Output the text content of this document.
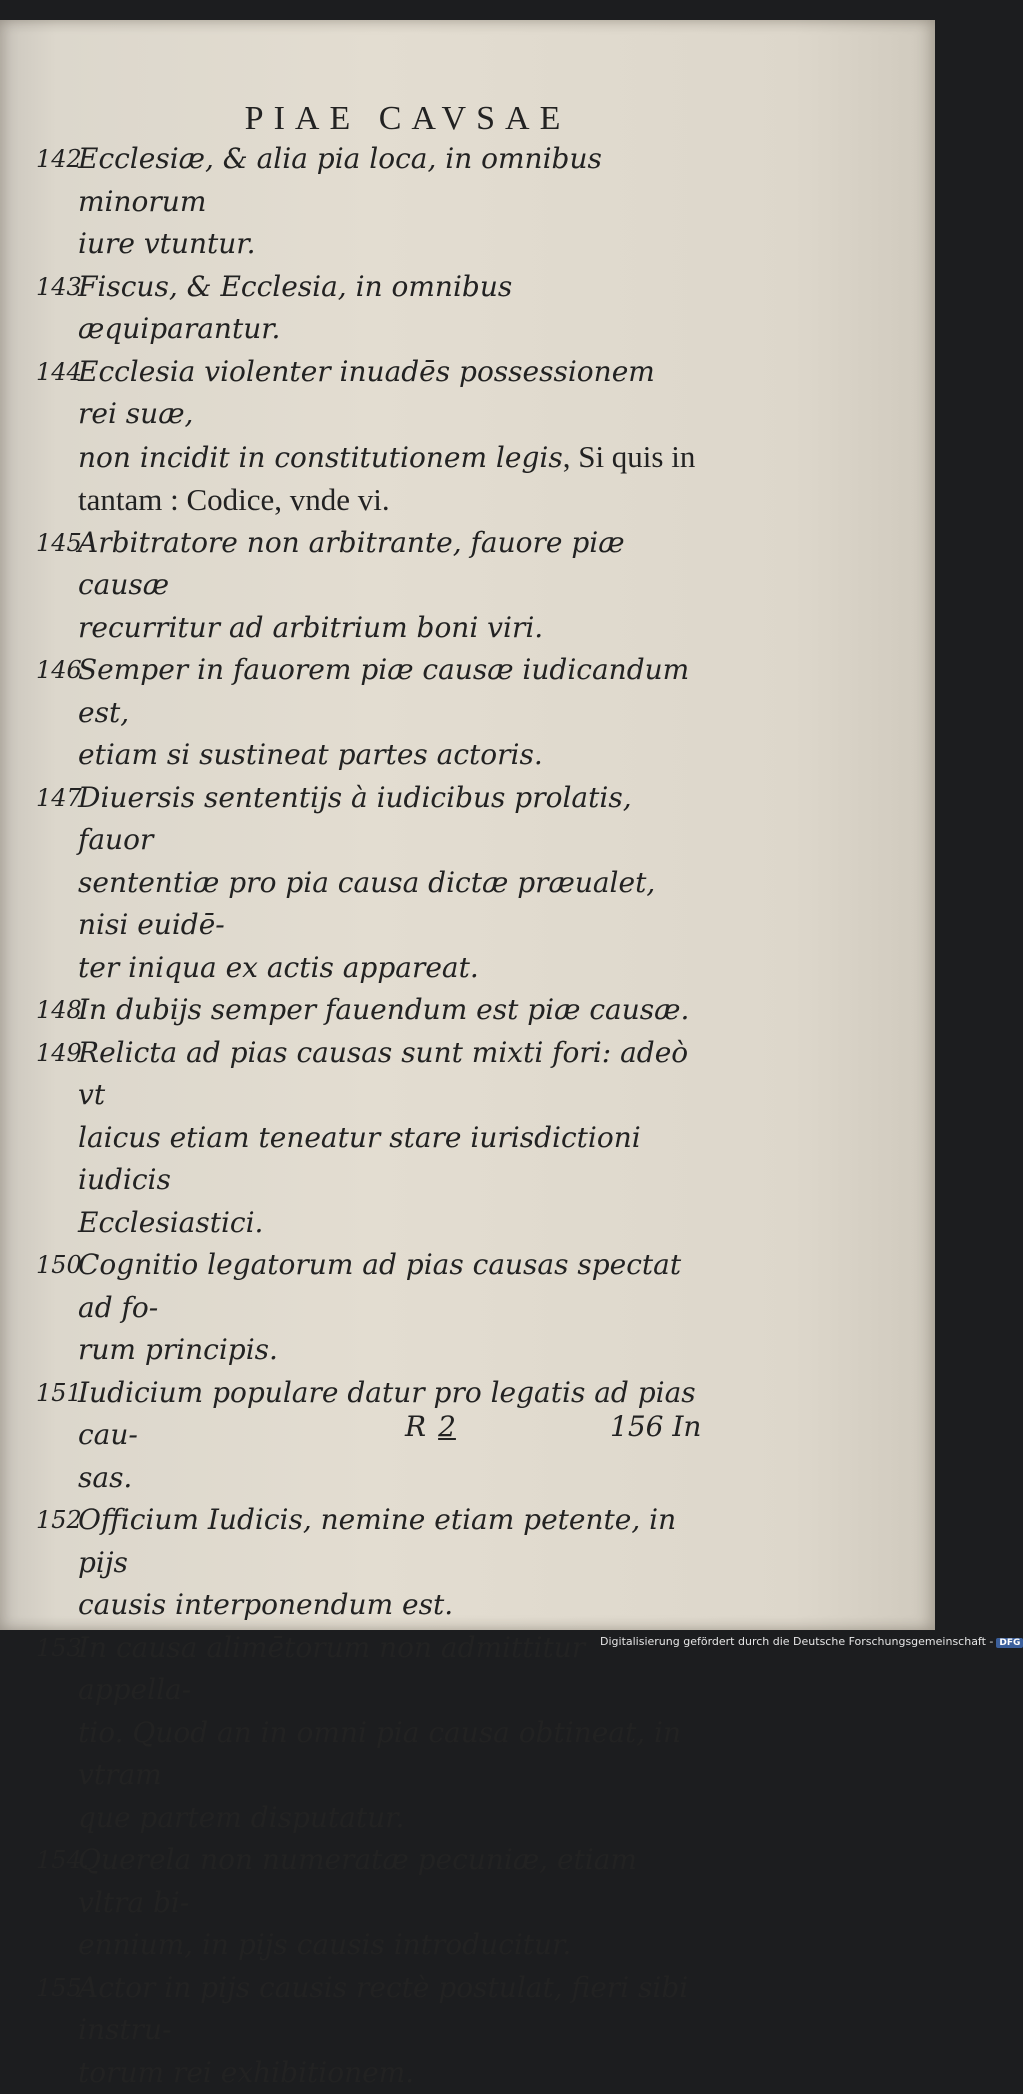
PIAE CAVSAE
142
Ecclesiæ, & alia pia loca, in omnibus minorum
iure vtuntur.
143
Fiscus, & Ecclesia, in omnibus æquiparantur.
144
Ecclesia violenter inuadēs possessionem rei suæ,
non incidit in constitutionem legis, Si quis in
tantam : Codice, vnde vi.
145
Arbitratore non arbitrante, fauore piæ causæ
recurritur ad arbitrium boni viri.
146
Semper in fauorem piæ causæ iudicandum est,
etiam si sustineat partes actoris.
147
Diuersis sententijs à iudicibus prolatis, fauor
sententiæ pro pia causa dictæ præualet, nisi euidē-
ter iniqua ex actis appareat.
148
In dubijs semper fauendum est piæ causæ.
149
Relicta ad pias causas sunt mixti fori: adeò vt
laicus etiam teneatur stare iurisdictioni iudicis
Ecclesiastici.
150
Cognitio legatorum ad pias causas spectat ad fo-
rum principis.
151
Iudicium populare datur pro legatis ad pias cau-
sas.
152
Officium Iudicis, nemine etiam petente, in pijs
causis interponendum est.
153
In causa alimētorum non admittitur appella-
tio. Quod an in omni pia causa obtineat, in vtram
que partem disputatur.
154.
Querela non numeratæ pecuniæ, etiam vltra bi-
ennium, in pijs causis introducitur.
155
Actor in pijs causis rectè postulat, fieri sibi instru-
torum rei exhibitionem.
R 2	156 In
Digitalisierung gefördert durch die Deutsche Forschungsgemeinschaft - DFG
